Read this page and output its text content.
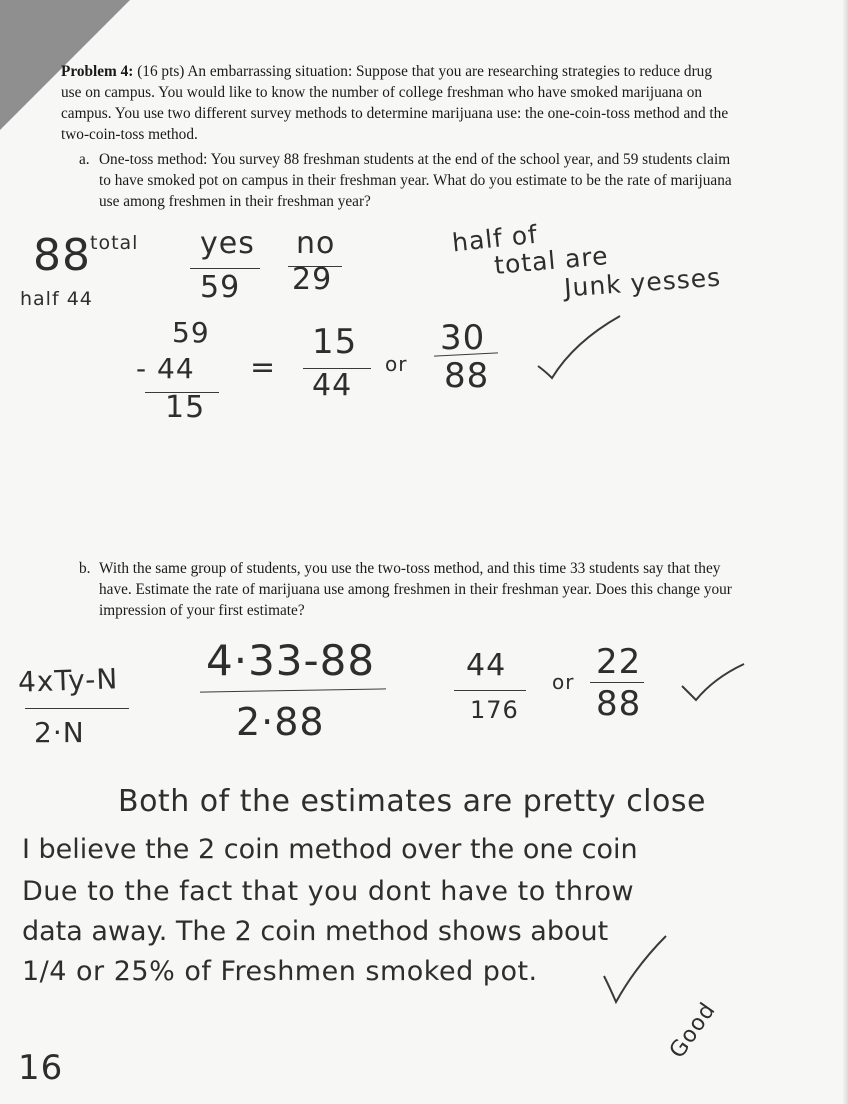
Problem 4: (16 pts) An embarrassing situation: Suppose that you are researching strategies to reduce drug use on campus. You would like to know the number of college freshman who have smoked marijuana on campus. You use two different survey methods to determine marijuana use: the one-coin-toss method and the two-coin-toss method.
a. One-toss method: You survey 88 freshman students at the end of the school year, and 59 students claim to have smoked pot on campus in their freshman year. What do you estimate to be the rate of marijuana use among freshmen in their freshman year?
b. With the same group of students, you use the two-toss method, and this time 33 students say that they have. Estimate the rate of marijuana use among freshmen in their freshman year. Does this change your impression of your first estimate?
88 total
half 44
yes
59
no
29
half of
total are
Junk yesses
59
- 44
15
=
15
44
or
30
88
4xTy-N
2·N
4·33-88
2·88
44
176
or 22
88
Both of the estimates are pretty close
I believe the 2 coin method over the one coin
Due to the fact that you dont have to throw
data away. The 2 coin method shows about
1/4 or 25% of Freshmen smoked pot.
Good
16
